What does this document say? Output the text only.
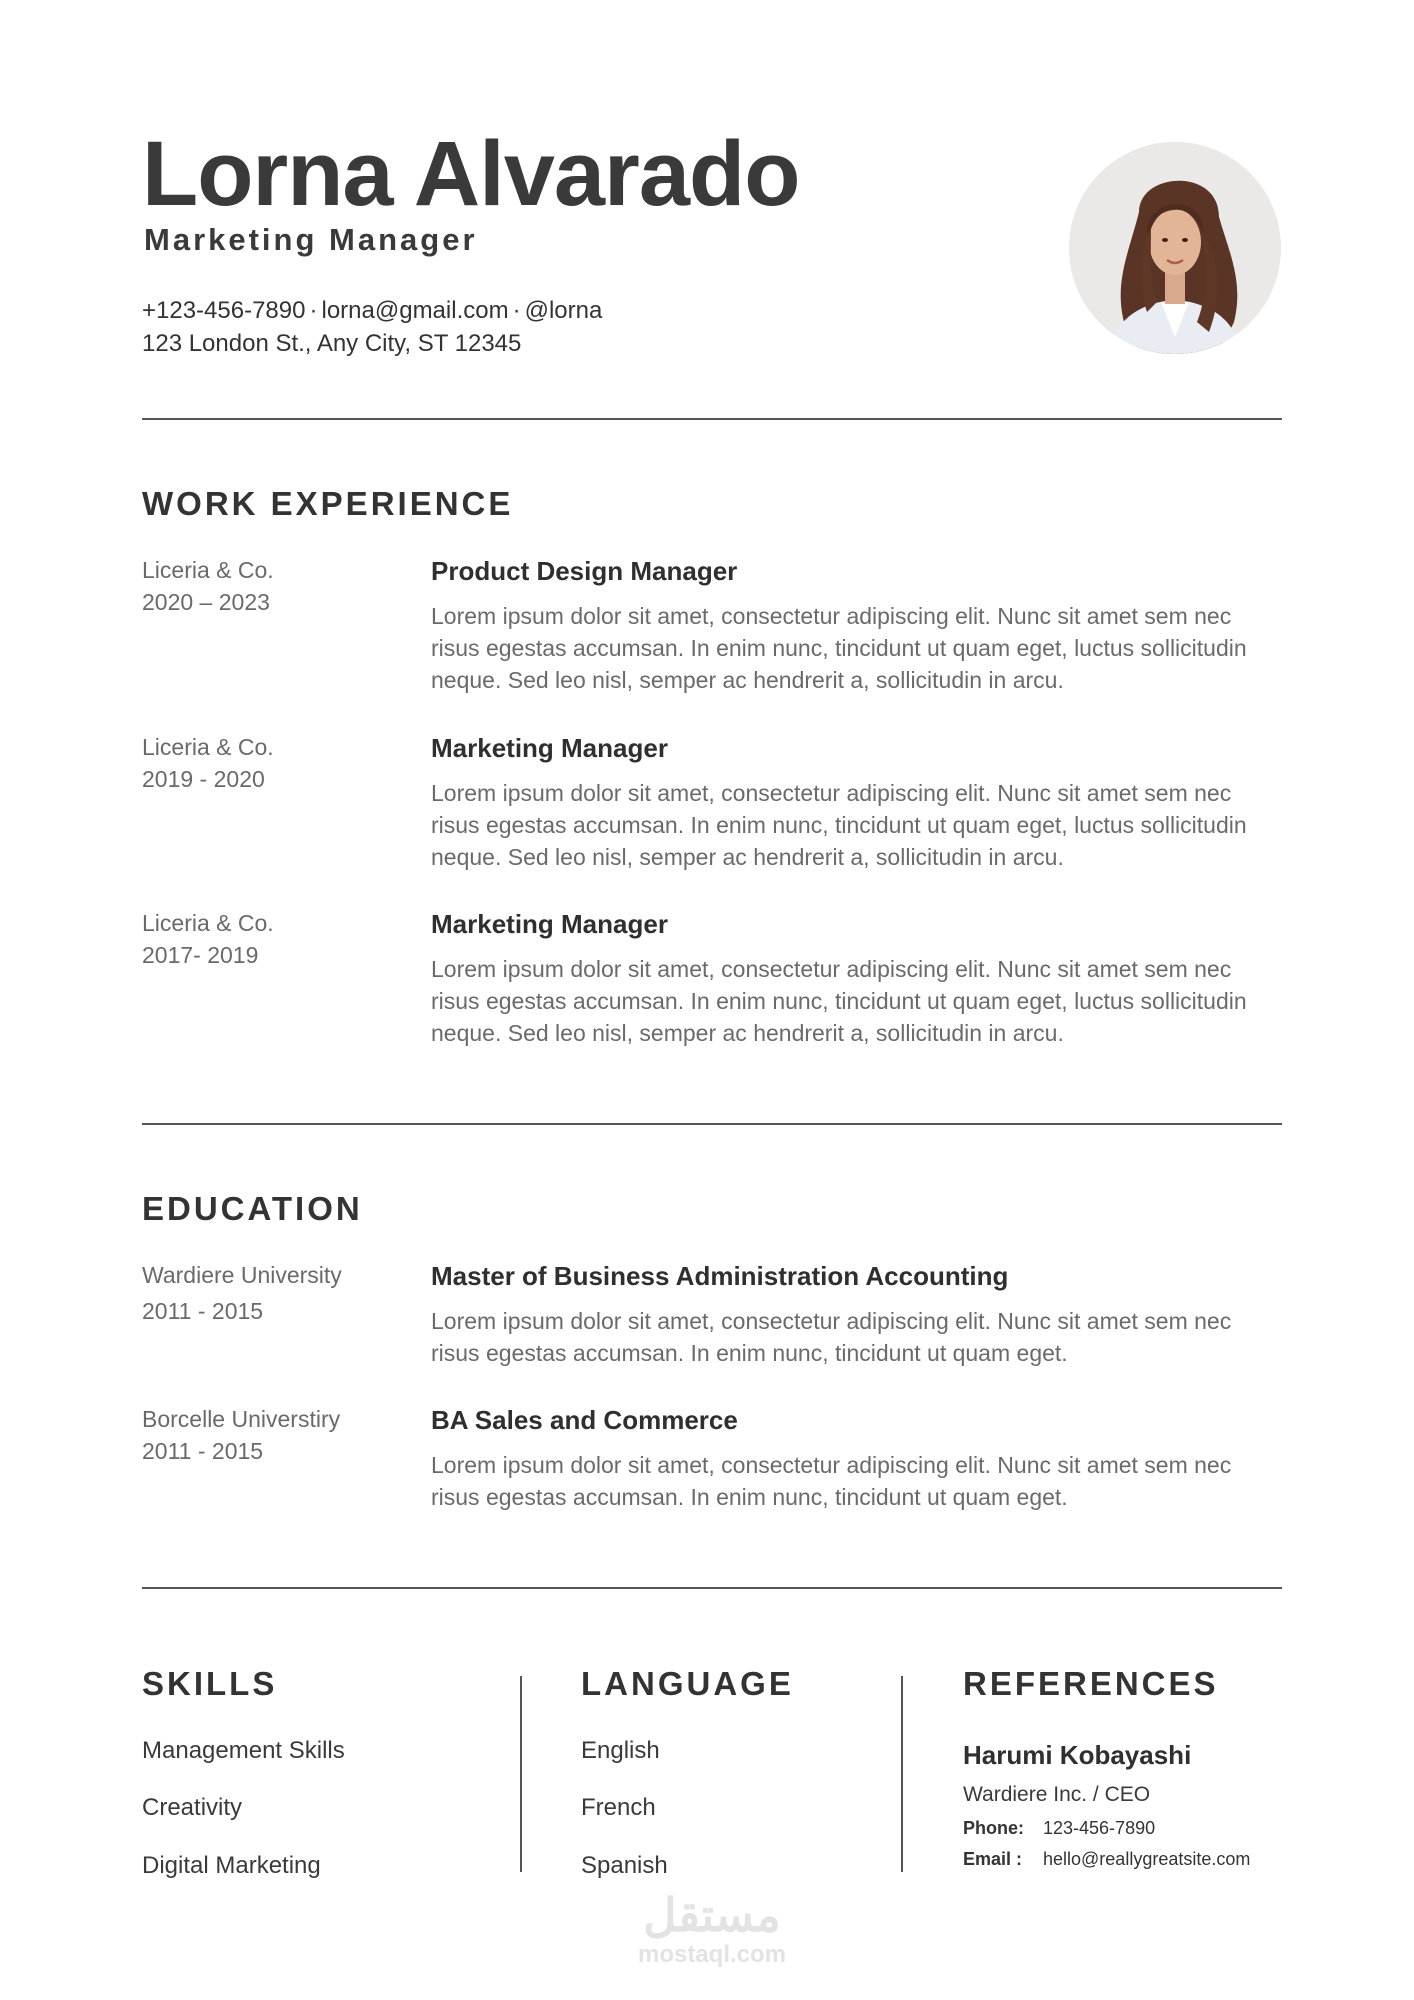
Lorna Alvarado
Marketing Manager
+123-456-7890 · lorna@gmail.com · @lorna
123 London St., Any City, ST 12345
WORK EXPERIENCE
Liceria & Co.
2020 – 2023

Product Design Manager

Lorem ipsum dolor sit amet, consectetur adipiscing elit. Nunc sit amet sem nec risus egestas accumsan. In enim nunc, tincidunt ut quam eget, luctus sollicitudin neque. Sed leo nisl, semper ac hendrerit a, sollicitudin in arcu.

Liceria & Co.
2019 - 2020

Marketing Manager

Lorem ipsum dolor sit amet, consectetur adipiscing elit. Nunc sit amet sem nec risus egestas accumsan. In enim nunc, tincidunt ut quam eget, luctus sollicitudin neque. Sed leo nisl, semper ac hendrerit a, sollicitudin in arcu.

Liceria & Co.
2017- 2019

Marketing Manager

Lorem ipsum dolor sit amet, consectetur adipiscing elit. Nunc sit amet sem nec risus egestas accumsan. In enim nunc, tincidunt ut quam eget, luctus sollicitudin neque. Sed leo nisl, semper ac hendrerit a, sollicitudin in arcu.

EDUCATION
Wardiere University
2011 - 2015

Master of Business Administration Accounting

Lorem ipsum dolor sit amet, consectetur adipiscing elit. Nunc sit amet sem nec risus egestas accumsan. In enim nunc, tincidunt ut quam eget.

Borcelle Universtiry
2011 - 2015

BA Sales and Commerce

Lorem ipsum dolor sit amet, consectetur adipiscing elit. Nunc sit amet sem nec risus egestas accumsan. In enim nunc, tincidunt ut quam eget.

SKILLS
Management Skills
Creativity
Digital Marketing
LANGUAGE
English
French
Spanish
REFERENCES
Harumi Kobayashi
Wardiere Inc. / CEO
Phone: 123-456-7890
Email : hello@reallygreatsite.com
مستقل
mostaql.com
